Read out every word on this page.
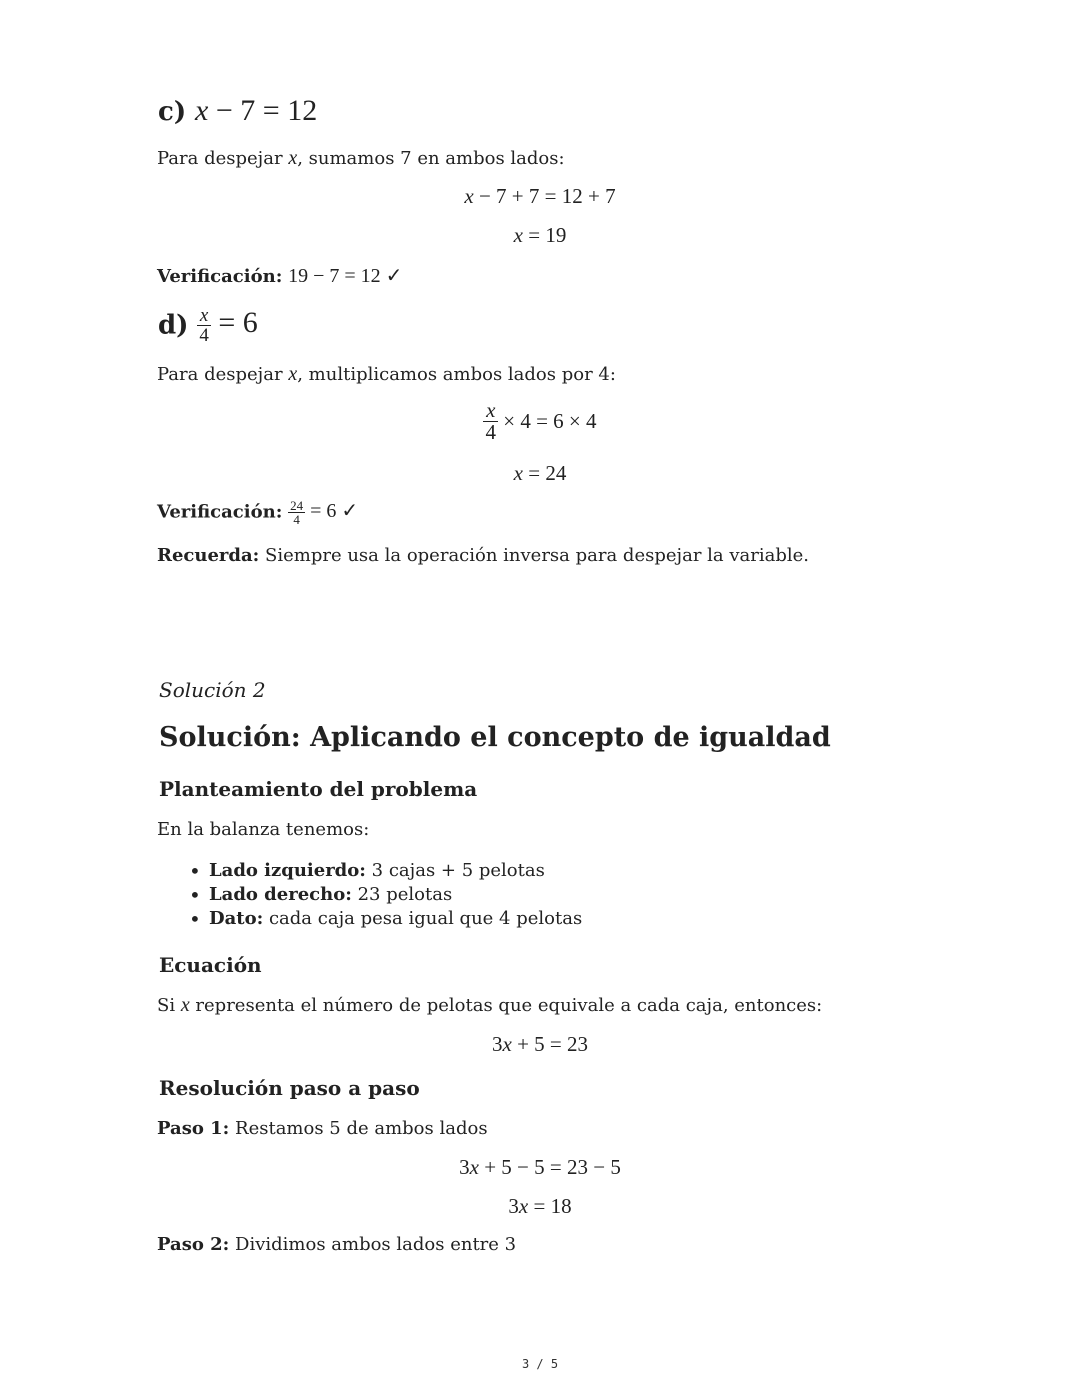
c) x − 7 = 12
Para despejar x, sumamos 7 en ambos lados:
x − 7 + 7 = 12 + 7
x = 19
Verificación: 19 − 7 = 12 ✓
$d) \frac{x}{4} = 6$
Para despejar x, multiplicamos ambos lados por 4:
$\frac{x}{4} \times 4 = 6 \times 4$
x = 24
Verificación: $\frac{24}{4} = 6$ ✓
Recuerda: Siempre usa la operación inversa para despejar la variable.
Solución 2
Solución: Aplicando el concepto de igualdad
Planteamiento del problema
En la balanza tenemos:
• Lado izquierdo: 3 cajas + 5 pelotas
• Lado derecho: 23 pelotas
• Dato: cada caja pesa igual que 4 pelotas
Ecuación
Si x representa el número de pelotas que equivale a cada caja, entonces:
3x + 5 = 23
Resolución paso a paso
Paso 1: Restamos 5 de ambos lados
3x + 5 − 5 = 23 − 5
3x = 18
Paso 2: Dividimos ambos lados entre 3
3 / 5
